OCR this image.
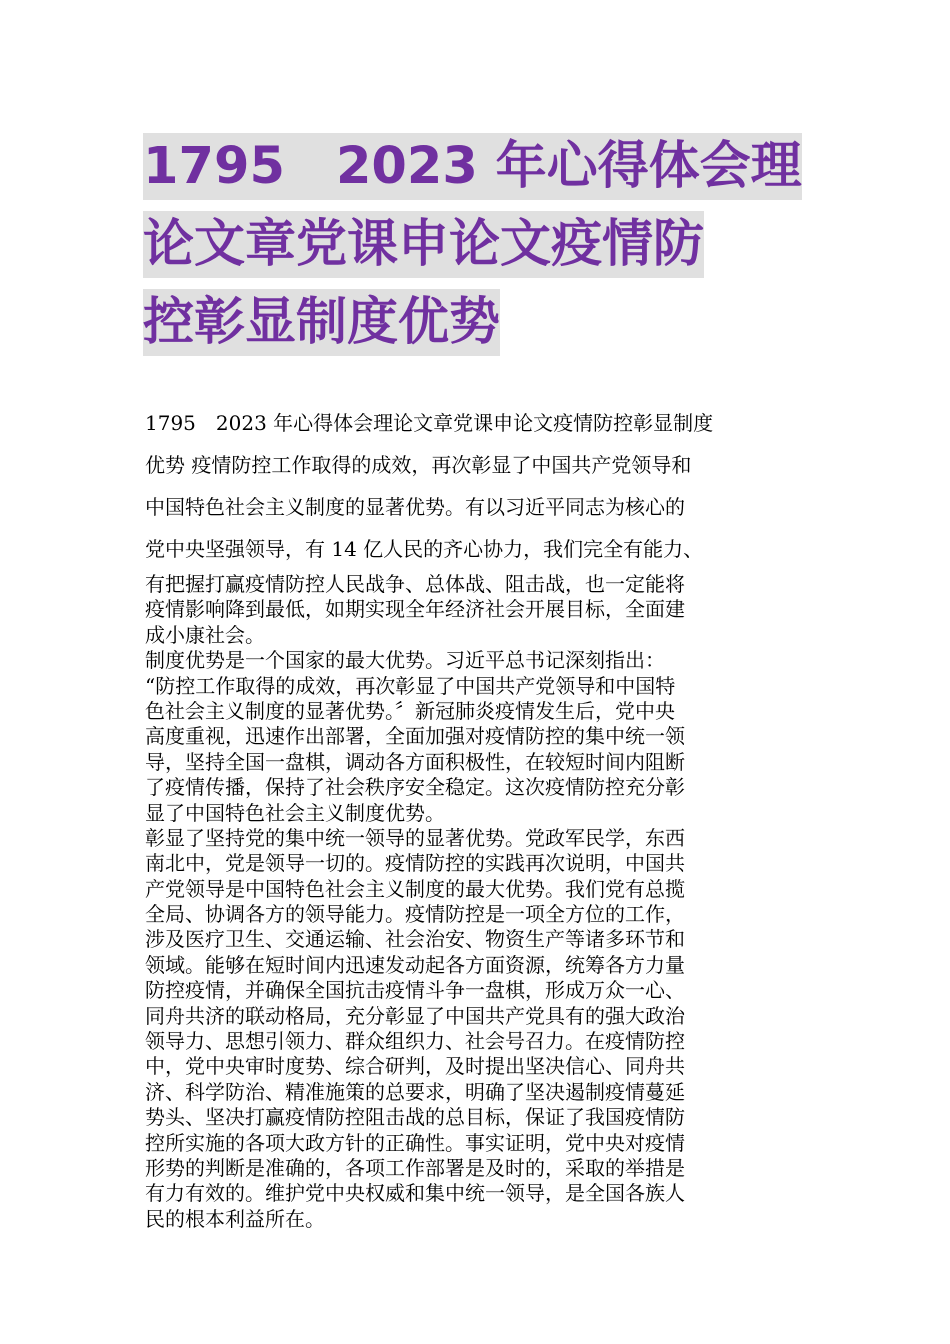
1795　2023 年心得体会理
论文章党课申论文疫情防
控彰显制度优势
1795　2023 年心得体会理论文章党课申论文疫情防控彰显制度
优势 疫情防控工作取得的成效，再次彰显了中国共产党领导和
中国特色社会主义制度的显著优势。有以习近平同志为核心的
党中央坚强领导，有 14 亿人民的齐心协力，我们完全有能力、
有把握打赢疫情防控人民战争、总体战、阻击战，也一定能将
疫情影响降到最低，如期实现全年经济社会开展目标，全面建
成小康社会。
制度优势是一个国家的最大优势。习近平总书记深刻指出：
“防控工作取得的成效，再次彰显了中国共产党领导和中国特
色社会主义制度的显著优势。〞新冠肺炎疫情发生后，党中央
高度重视，迅速作出部署，全面加强对疫情防控的集中统一领
导，坚持全国一盘棋，调动各方面积极性，在较短时间内阻断
了疫情传播，保持了社会秩序安全稳定。这次疫情防控充分彰
显了中国特色社会主义制度优势。
彰显了坚持党的集中统一领导的显著优势。党政军民学，东西
南北中，党是领导一切的。疫情防控的实践再次说明，中国共
产党领导是中国特色社会主义制度的最大优势。我们党有总揽
全局、协调各方的领导能力。疫情防控是一项全方位的工作，
涉及医疗卫生、交通运输、社会治安、物资生产等诸多环节和
领域。能够在短时间内迅速发动起各方面资源，统筹各方力量
防控疫情，并确保全国抗击疫情斗争一盘棋，形成万众一心、
同舟共济的联动格局，充分彰显了中国共产党具有的强大政治
领导力、思想引领力、群众组织力、社会号召力。在疫情防控
中，党中央审时度势、综合研判，及时提出坚决信心、同舟共
济、科学防治、精准施策的总要求，明确了坚决遏制疫情蔓延
势头、坚决打赢疫情防控阻击战的总目标，保证了我国疫情防
控所实施的各项大政方针的正确性。事实证明，党中央对疫情
形势的判断是准确的，各项工作部署是及时的，采取的举措是
有力有效的。维护党中央权威和集中统一领导，是全国各族人
民的根本利益所在。
